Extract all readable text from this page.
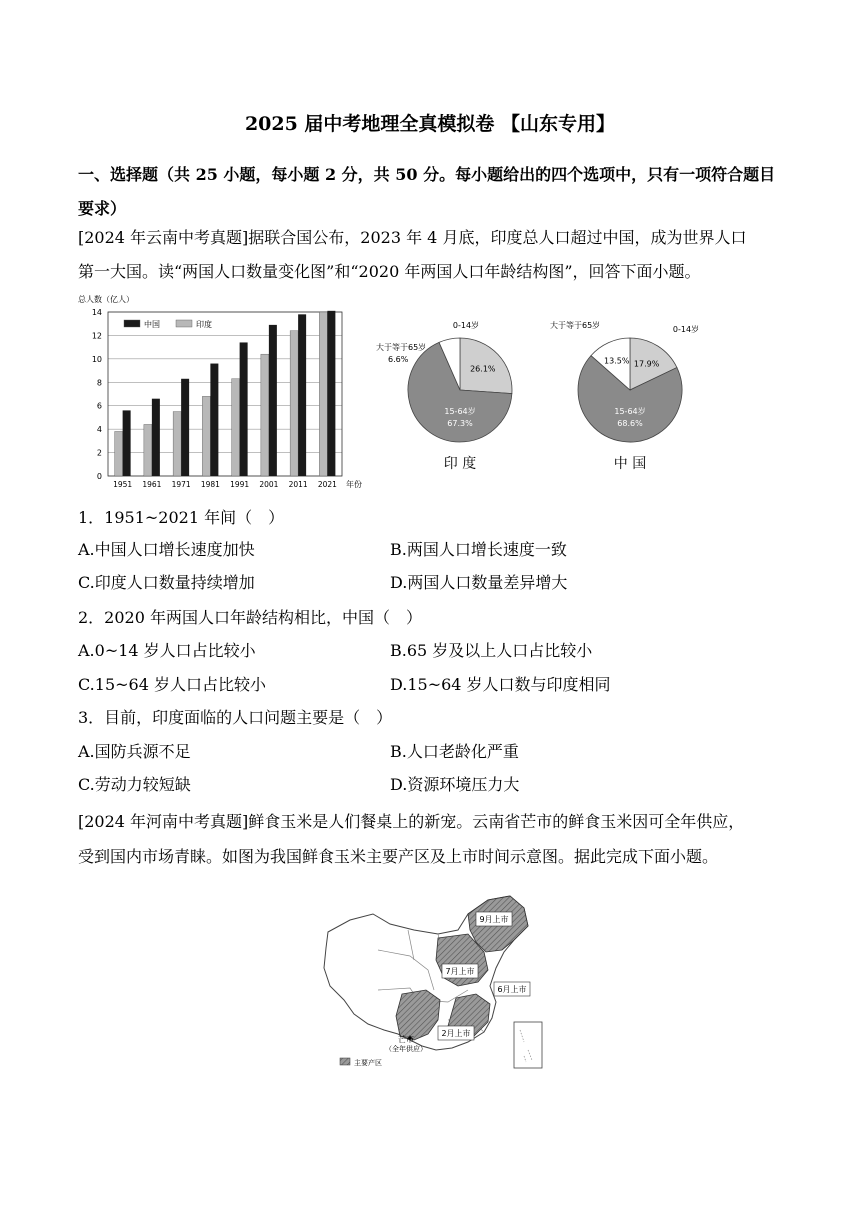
2025 届中考地理全真模拟卷 【山东专用】
一、选择题（共 25 小题，每小题 2 分，共 50 分。每小题给出的四个选项中，只有一项符合题目要求）
[2024 年云南中考真题]据联合国公布，2023 年 4 月底，印度总人口超过中国，成为世界人口
第一大国。读“两国人口数量变化图”和“2020 年两国人口年龄结构图”，回答下面小题。
总人数（亿人）
0
2
4
6
8
10
12
14
1951 1961 1971 1981 1991 2001 2011 2021 年份
中国	印度
26.1%
15-64岁
67.3%
0-14岁
大于等于65岁
6.6%
印 度
17.9%
15-64岁
68.6%
0-14岁
大于等于65岁
13.5%
中 国
1．1951~2021 年间（　）
A.中国人口增长速度加快	B.两国人口增长速度一致
C.印度人口数量持续增加	D.两国人口数量差异增大
2．2020 年两国人口年龄结构相比，中国（　）
A.0~14 岁人口占比较小	B.65 岁及以上人口占比较小
C.15~64 岁人口占比较小	D.15~64 岁人口数与印度相同
3．目前，印度面临的人口问题主要是（　）
A.国防兵源不足	B.人口老龄化严重
C.劳动力较短缺	D.资源环境压力大
[2024 年河南中考真题]鲜食玉米是人们餐桌上的新宠。云南省芒市的鲜食玉米因可全年供应，
受到国内市场青睐。如图为我国鲜食玉米主要产区及上市时间示意图。据此完成下面小题。
9月上市
7月上市
6月上市
2月上市
芒市
（全年供应）
主要产区
